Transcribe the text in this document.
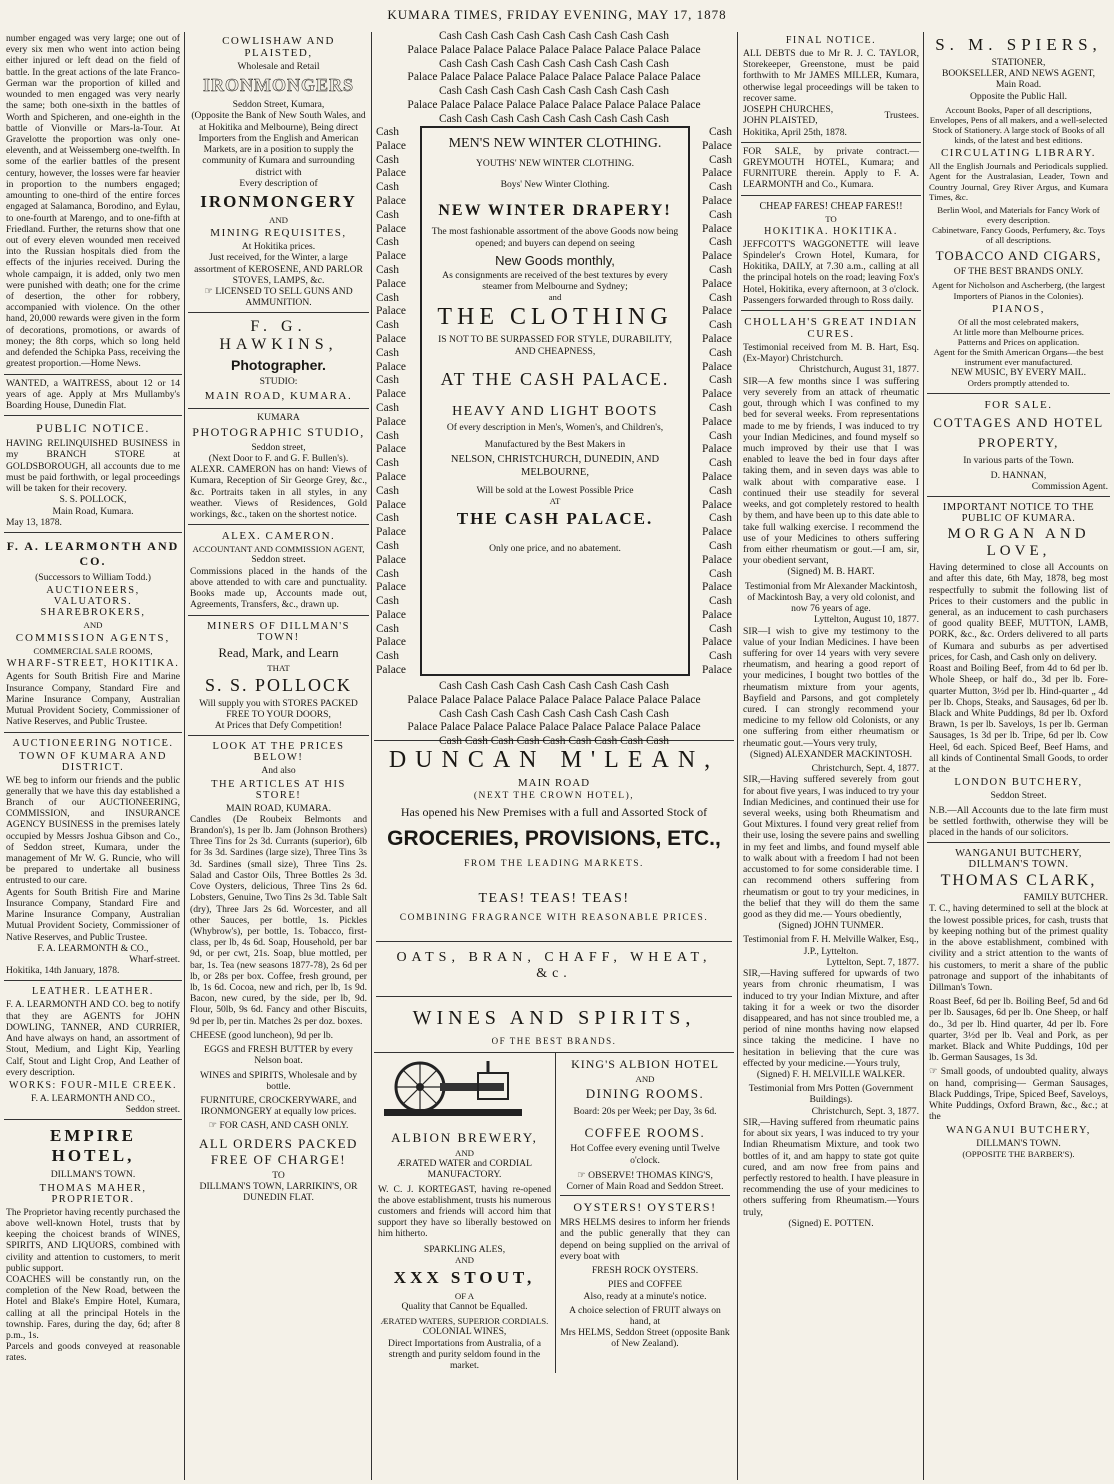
KUMARA TIMES, FRIDAY EVENING, MAY 17, 1878

number engaged was very large; one out of every six men who went into action being either injured or left dead on the field of battle. In the great actions of the late Franco-German war the proportion of killed and wounded to men engaged was very nearly the same; both one-sixth in the battles of Worth and Spicheren, and one-eighth in the battle of Vionville or Mars-la-Tour. At Gravelotte the proportion was only one-eleventh, and at Weissemberg one-twelfth. In some of the earlier battles of the present century, however, the losses were far heavier in proportion to the numbers engaged; amounting to one-third of the entire forces engaged at Salamanca, Borodino, and Eylau, to one-fourth at Marengo, and to one-fifth at Friedland. Further, the returns show that one out of every eleven wounded men received into the Russian hospitals died from the effects of the injuries received. During the whole campaign, it is added, only two men were punished with death; one for the crime of desertion, the other for robbery, accompanied with violence. On the other hand, 20,000 rewards were given in the form of decorations, promotions, or awards of money; the 8th corps, which so long held and defended the Schipka Pass, receiving the greatest proportion.—Home News.

WANTED, a WAITRESS, about 12 or 14 years of age. Apply at Mrs Mullamby's Boarding House, Dunedin Flat.

PUBLIC NOTICE.

HAVING RELINQUISHED BUSINESS in my BRANCH STORE at GOLDSBOROUGH, all accounts due to me must be paid forthwith, or legal proceedings will be taken for their recovery.

S. S. POLLOCK,
Main Road, Kumara.
May 13, 1878.
F. A. LEARMONTH AND CO.
(Successors to William Todd.)
AUCTIONEERS, VALUATORS. SHAREBROKERS,
AND
COMMISSION AGENTS,
COMMERCIAL SALE ROOMS,
WHARF-STREET, HOKITIKA.

Agents for South British Fire and Marine Insurance Company, Standard Fire and Marine Insurance Company, Australian Mutual Provident Society, Commissioner of Native Reserves, and Public Trustee.

AUCTIONEERING NOTICE.
TOWN OF KUMARA AND DISTRICT.

WE beg to inform our friends and the public generally that we have this day established a Branch of our AUCTIONEERING, COMMISSION, and INSURANCE AGENCY BUSINESS in the premises lately occupied by Messrs Joshua Gibson and Co., of Seddon street, Kumara, under the management of Mr W. G. Runcie, who will be prepared to undertake all business entrusted to our care.

Agents for South British Fire and Marine Insurance Company, Standard Fire and Marine Insurance Company, Australian Mutual Provident Society, Commissioner of Native Reserves, and Public Trustee.

F. A. LEARMONTH & CO.,
Wharf-street.
Hokitika, 14th January, 1878.
LEATHER. LEATHER.

F. A. LEARMONTH AND CO. beg to notify that they are AGENTS for JOHN DOWLING, TANNER, AND CURRIER, And have always on hand, an assortment of Stout, Medium, and Light Kip, Yearling Calf, Stout and Light Crop, And Leather of every description.

WORKS: FOUR-MILE CREEK.
F. A. LEARMONTH AND CO.,
Seddon street.
EMPIRE HOTEL,
DILLMAN'S TOWN.
THOMAS MAHER, PROPRIETOR.

The Proprietor having recently purchased the above well-known Hotel, trusts that by keeping the choicest brands of WINES, SPIRITS, AND LIQUORS, combined with civility and attention to customers, to merit public support.

COACHES will be constantly run, on the completion of the New Road, between the Hotel and Blake's Empire Hotel, Kumara, calling at all the principal Hotels in the township. Fares, during the day, 6d; after 8 p.m., 1s.

Parcels and goods conveyed at reasonable rates.

COWLISHAW AND PLAISTED,
Wholesale and Retail
IRONMONGERS
Seddon Street, Kumara,

(Opposite the Bank of New South Wales, and at Hokitika and Melbourne), Being direct Importers from the English and American Markets, are in a position to supply the community of Kumara and surrounding district with

Every description of
IRONMONGERY
AND
MINING REQUISITES,
At Hokitika prices.

Just received, for the Winter, a large assortment of KEROSENE, AND PARLOR STOVES, LAMPS, &c.

☞ LICENSED TO SELL GUNS AND AMMUNITION.
F. G. HAWKINS,
Photographer.
STUDIO:
MAIN ROAD, KUMARA.
KUMARA
PHOTOGRAPHIC STUDIO,
Seddon street,
(Next Door to F. and G. F. Bullen's).

ALEXR. CAMERON has on hand: Views of Kumara, Reception of Sir George Grey, &c., &c. Portraits taken in all styles, in any weather. Views of Residences, Gold workings, &c., taken on the shortest notice.

ALEX. CAMERON.
ACCOUNTANT AND COMMISSION AGENT,
Seddon street.

Commissions placed in the hands of the above attended to with care and punctuality. Books made up, Accounts made out, Agreements, Transfers, &c., drawn up.

MINERS OF DILLMAN'S TOWN!
Read, Mark, and Learn
THAT
S. S. POLLOCK
Will supply you with STORES PACKED FREE TO YOUR DOORS,
At Prices that Defy Competition!
LOOK AT THE PRICES BELOW!
And also
THE ARTICLES AT HIS STORE!
MAIN ROAD, KUMARA.

Candles (De Roubeix Belmonts and Brandon's), 1s per lb. Jam (Johnson Brothers) Three Tins for 2s 3d. Currants (superior), 6lb for 3s 3d. Sardines (large size), Three Tins 3s 3d. Sardines (small size), Three Tins 2s. Salad and Castor Oils, Three Bottles 2s 3d. Cove Oysters, delicious, Three Tins 2s 6d. Lobsters, Genuine, Two Tins 2s 3d. Table Salt (dry), Three Jars 2s 6d. Worcester, and all other Sauces, per bottle, 1s. Pickles (Whybrow's), per bottle, 1s. Tobacco, first-class, per lb, 4s 6d. Soap, Household, per bar 9d, or per cwt, 21s. Soap, blue mottled, per bar, 1s. Tea (new seasons 1877-78), 2s 6d per lb, or 28s per box. Coffee, fresh ground, per lb, 1s 6d. Cocoa, new and rich, per lb, 1s 9d. Bacon, new cured, by the side, per lb, 9d. Flour, 50lb, 9s 6d. Fancy and other Biscuits, 9d per lb, per tin. Matches 2s per doz. boxes.

CHEESE (good luncheon), 9d per lb.
EGGS and FRESH BUTTER by every Nelson boat.
WINES and SPIRITS, Wholesale and by bottle.
FURNITURE, CROCKERYWARE, and IRONMONGERY at equally low prices.
☞ FOR CASH, AND CASH ONLY.
ALL ORDERS PACKED FREE OF CHARGE!
TO
DILLMAN'S TOWN, LARRIKIN'S, OR DUNEDIN FLAT.
Cash Cash Cash Cash Cash Cash Cash Cash Cash
Palace Palace Palace Palace Palace Palace Palace Palace Palace
Cash Cash Cash Cash Cash Cash Cash Cash Cash
Palace Palace Palace Palace Palace Palace Palace Palace Palace
Cash Cash Cash Cash Cash Cash Cash Cash Cash
Palace Palace Palace Palace Palace Palace Palace Palace Palace
Cash Cash Cash Cash Cash Cash Cash Cash Cash
Cash
Palace
Cash
Palace
Cash
Palace
Cash
Palace
Cash
Palace
Cash
Palace
Cash
Palace
Cash
Palace
Cash
Palace
Cash
Palace
Cash
Palace
Cash
Palace
Cash
Palace
Cash
Palace
Cash
Palace
Cash
Palace
Cash
Palace
Cash
Palace
Cash
Palace
Cash
Palace
Cash
Palace
Cash
Palace
Cash
Palace
Cash
Palace
Cash
Palace
Cash
Palace
Cash
Palace
Cash
Palace
Cash
Palace
Cash
Palace
Cash
Palace
Cash
Palace
Cash
Palace
Cash
Palace
Cash
Palace
Cash
Palace
Cash
Palace
Cash
Palace
Cash
Palace
Cash
Palace
MEN'S NEW WINTER CLOTHING.
YOUTHS' NEW WINTER CLOTHING.
Boys' New Winter Clothing.
NEW WINTER DRAPERY!
The most fashionable assortment of the above Goods now being opened; and buyers can depend on seeing
New Goods monthly,
As consignments are received of the best textures by every steamer from Melbourne and Sydney;
and
THE CLOTHING
IS NOT TO BE SURPASSED FOR STYLE, DURABILITY, AND CHEAPNESS,
AT THE CASH PALACE.
HEAVY AND LIGHT BOOTS
Of every description in Men's, Women's, and Children's,
Manufactured by the Best Makers in
NELSON, CHRISTCHURCH, DUNEDIN, AND MELBOURNE,
Will be sold at the Lowest Possible Price
AT
THE CASH PALACE.
Only one price, and no abatement.
Cash Cash Cash Cash Cash Cash Cash Cash Cash
Palace Palace Palace Palace Palace Palace Palace Palace Palace
Cash Cash Cash Cash Cash Cash Cash Cash Cash
Palace Palace Palace Palace Palace Palace Palace Palace Palace
Cash Cash Cash Cash Cash Cash Cash Cash Cash
DUNCAN M'LEAN,
MAIN ROAD
(NEXT THE CROWN HOTEL),
Has opened his New Premises with a full and Assorted Stock of
GROCERIES, PROVISIONS, ETC.,
FROM THE LEADING MARKETS.
TEAS! TEAS! TEAS!
COMBINING FRAGRANCE WITH REASONABLE PRICES.
OATS, BRAN, CHAFF, WHEAT, &c.
WINES AND SPIRITS,
OF THE BEST BRANDS.
ALBION BREWERY,
AND
ÆRATED WATER and CORDIAL MANUFACTORY.

W. C. J. KORTEGAST, having re-opened the above establishment, trusts his numerous customers and friends will accord him that support they have so liberally bestowed on him hitherto.

SPARKLING ALES,
AND
XXX STOUT,
OF A
Quality that Cannot be Equalled.
ÆRATED WATERS, SUPERIOR CORDIALS.
COLONIAL WINES,

Direct Importations from Australia, of a strength and purity seldom found in the market.

KING'S ALBION HOTEL
AND
DINING ROOMS.
Board: 20s per Week; per Day, 3s 6d.
COFFEE ROOMS.
Hot Coffee every evening until Twelve o'clock.
☞ OBSERVE! THOMAS KING'S,
Corner of Main Road and Seddon Street.
OYSTERS! OYSTERS!

MRS HELMS desires to inform her friends and the public generally that they can depend on being supplied on the arrival of every boat with

FRESH ROCK OYSTERS.
PIES and COFFEE
Also, ready at a minute's notice.
A choice selection of FRUIT always on hand, at
Mrs HELMS, Seddon Street (opposite Bank of New Zealand).
FINAL NOTICE.

ALL DEBTS due to Mr R. J. C. TAYLOR, Storekeeper, Greenstone, must be paid forthwith to Mr JAMES MILLER, Kumara, otherwise legal proceedings will be taken to recover same.

JOSEPH CHURCHES,
JOHN PLAISTED,
Trustees.
Hokitika, April 25th, 1878.

FOR SALE, by private contract.— GREYMOUTH HOTEL, Kumara; and FURNITURE therein. Apply to F. A. LEARMONTH and Co., Kumara.

CHEAP FARES! CHEAP FARES!!
TO
HOKITIKA. HOKITIKA.

JEFFCOTT'S WAGGONETTE will leave Spindeler's Crown Hotel, Kumara, for Hokitika, DAILY, at 7.30 a.m., calling at all the principal hotels on the road; leaving Fox's Hotel, Hokitika, every afternoon, at 3 o'clock.

Passengers forwarded through to Ross daily.

CHOLLAH'S GREAT INDIAN CURES.

Testimonial received from M. B. Hart, Esq. (Ex-Mayor) Christchurch.

Christchurch, August 31, 1877.

SIR—A few months since I was suffering very severely from an attack of rheumatic gout, through which I was confined to my bed for several weeks. From representations made to me by friends, I was induced to try your Indian Medicines, and found myself so much improved by their use that I was enabled to leave the bed in four days after taking them, and in seven days was able to walk about with comparative ease. I continued their use steadily for several weeks, and got completely restored to health by them, and have been up to this date able to take full walking exercise. I recommend the use of your Medicines to others suffering from either rheumatism or gout.—I am, sir, your obedient servant,

(Signed) M. B. HART.

Testimonial from Mr Alexander Mackintosh, of Mackintosh Bay, a very old colonist, and now 76 years of age.

Lyttelton, August 10, 1877.

SIR—I wish to give my testimony to the value of your Indian Medicines. I have been suffering for over 14 years with very severe rheumatism, and hearing a good report of your medicines, I bought two bottles of the rheumatism mixture from your agents, Bayfield and Parsons, and got completely cured. I can strongly recommend your medicine to my fellow old Colonists, or any one suffering from either rheumatism or rheumatic gout.—Yours very truly,

(Signed) ALEXANDER MACKINTOSH.
Christchurch, Sept. 4, 1877.

SIR,—Having suffered severely from gout for about five years, I was induced to try your Indian Medicines, and continued their use for several weeks, using both Rheumatism and Gout Mixtures. I found very great relief from their use, losing the severe pains and swelling in my feet and limbs, and found myself able to walk about with a freedom I had not been accustomed to for some considerable time. I can recommend others suffering from rheumatism or gout to try your medicines, in the belief that they will do them the same good as they did me.— Yours obediently,

(Signed) JOHN TUNMER.

Testimonial from F. H. Melville Walker, Esq., J.P., Lyttelton.

Lyttelton, Sept. 7, 1877.

SIR,—Having suffered for upwards of two years from chronic rheumatism, I was induced to try your Indian Mixture, and after taking it for a week or two the disorder disappeared, and has not since troubled me, a period of nine months having now elapsed since taking the medicine. I have no hesitation in believing that the cure was effected by your medicine.—Yours truly,

(Signed) F. H. MELVILLE WALKER.

Testimonial from Mrs Potten (Government Buildings).

Christchurch, Sept. 3, 1877.

SIR,—Having suffered from rheumatic pains for about six years, I was induced to try your Indian Rheumatism Mixture, and took two bottles of it, and am happy to state got quite cured, and am now free from pains and perfectly restored to health. I have pleasure in recommending the use of your medicines to others suffering from Rheumatism.—Yours truly,

(Signed) E. POTTEN.
S. M. SPIERS,
STATIONER,
BOOKSELLER, AND NEWS AGENT,
Main Road.
Opposite the Public Hall.

Account Books, Paper of all descriptions, Envelopes, Pens of all makers, and a well-selected Stock of Stationery. A large stock of Books of all kinds, of the latest and best editions.

CIRCULATING LIBRARY.

All the English Journals and Periodicals supplied. Agent for the Australasian, Leader, Town and Country Journal, Grey River Argus, and Kumara Times, &c.

Berlin Wool, and Materials for Fancy Work of every description.

Cabinetware, Fancy Goods, Perfumery, &c. Toys of all descriptions.

TOBACCO AND CIGARS,
OF THE BEST BRANDS ONLY.

Agent for Nicholson and Ascherberg, (the largest Importers of Pianos in the Colonies).

PIANOS,
Of all the most celebrated makers,
At little more than Melbourne prices.
Patterns and Prices on application.

Agent for the Smith American Organs—the best instrument ever manufactured.

NEW MUSIC, BY EVERY MAIL.
Orders promptly attended to.
FOR SALE.
COTTAGES AND HOTEL PROPERTY,
In various parts of the Town.
D. HANNAN,
Commission Agent.
IMPORTANT NOTICE TO THE PUBLIC OF KUMARA.
MORGAN AND LOVE,

Having determined to close all Accounts on and after this date, 6th May, 1878, beg most respectfully to submit the following list of Prices to their customers and the public in general, as an inducement to cash purchasers of good quality BEEF, MUTTON, LAMB, PORK, &c., &c. Orders delivered to all parts of Kumara and suburbs as per advertised prices, for Cash, and Cash only on delivery.

Roast and Boiling Beef, from 4d to 6d per lb. Whole Sheep, or half do., 3d per lb. Fore-quarter Mutton, 3½d per lb. Hind-quarter „ 4d per lb. Chops, Steaks, and Sausages, 6d per lb. Black and White Puddings, 8d per lb. Oxford Brawn, 1s per lb. Saveloys, 1s per lb. German Sausages, 1s 3d per lb. Tripe, 6d per lb. Cow Heel, 6d each. Spiced Beef, Beef Hams, and all kinds of Continental Small Goods, to order at the

LONDON BUTCHERY,
Seddon Street.

N.B.—All Accounts due to the late firm must be settled forthwith, otherwise they will be placed in the hands of our solicitors.

WANGANUI BUTCHERY, DILLMAN'S TOWN.
THOMAS CLARK,
FAMILY BUTCHER.

T. C., having determined to sell at the block at the lowest possible prices, for cash, trusts that by keeping nothing but of the primest quality in the above establishment, combined with civility and a strict attention to the wants of his customers, to merit a share of the public patronage and support of the inhabitants of Dillman's Town.

Roast Beef, 6d per lb. Boiling Beef, 5d and 6d per lb. Sausages, 6d per lb. One Sheep, or half do., 3d per lb. Hind quarter, 4d per lb. Fore quarter, 3½d per lb. Veal and Pork, as per market. Black and White Puddings, 10d per lb. German Sausages, 1s 3d.

☞ Small goods, of undoubted quality, always on hand, comprising— German Sausages, Black Puddings, Tripe, Spiced Beef, Saveloys, White Puddings, Oxford Brawn, &c., &c.; at the

WANGANUI BUTCHERY,
DILLMAN'S TOWN.
(OPPOSITE THE BARBER'S).
